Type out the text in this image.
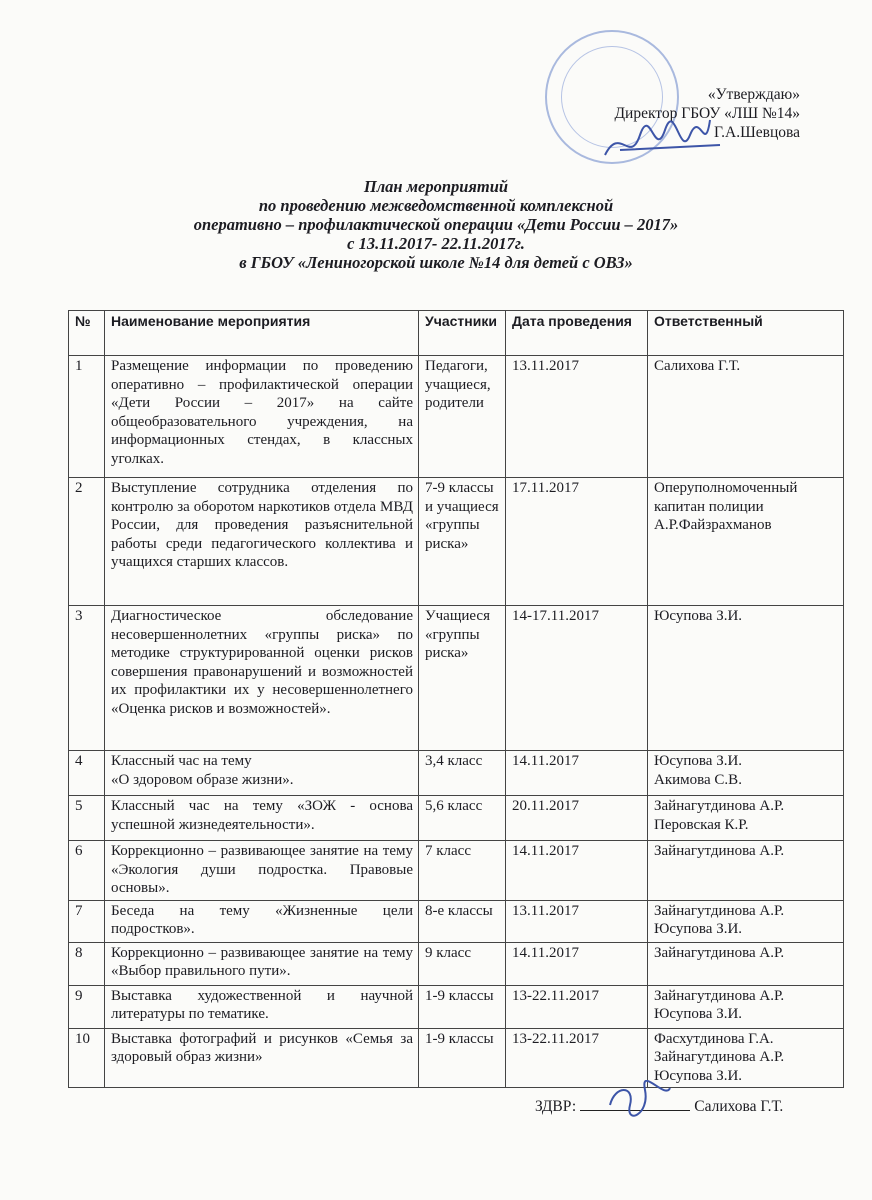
«Утверждаю»
Директор ГБОУ «ЛШ №14»
Г.А.Шевцова
План мероприятий
по проведению межведомственной комплексной
оперативно – профилактической операции «Дети России – 2017»
с 13.11.2017- 22.11.2017г.
в ГБОУ «Лениногорской школе №14 для детей с ОВЗ»
№	Наименование мероприятия	Участники	Дата проведения	Ответственный
1	Размещение информации по проведению оперативно – профилактической операции «Дети России – 2017» на сайте общеобразовательного учреждения, на информационных стендах, в классных уголках.	Педагоги, учащиеся, родители	13.11.2017	Салихова Г.Т.
2	Выступление сотрудника отделения по контролю за оборотом наркотиков отдела МВД России, для проведения разъяснительной работы среди педагогического коллектива и учащихся старших классов.	7-9 классы и учащиеся «группы риска»	17.11.2017	Оперуполномоченный капитан полиции А.Р.Файзрахманов
3	Диагностическое обследование несовершеннолетних «группы риска» по методике структурированной оценки рисков совершения правонарушений и возможностей их профилактики их у несовершеннолетнего «Оценка рисков и возможностей».	Учащиеся «группы риска»	14-17.11.2017	Юсупова З.И.
4	Классный час на тему
«О здоровом образе жизни».	3,4 класс	14.11.2017	Юсупова З.И.
Акимова С.В.
5	Классный час на тему «ЗОЖ - основа успешной жизнедеятельности».	5,6 класс	20.11.2017	Зайнагутдинова А.Р.
Перовская К.Р.
6	Коррекционно – развивающее занятие на тему «Экология души подростка. Правовые основы».	7 класс	14.11.2017	Зайнагутдинова А.Р.
7	Беседа на тему «Жизненные цели подростков».	8-е классы	13.11.2017	Зайнагутдинова А.Р.
Юсупова З.И.
8	Коррекционно – развивающее занятие на тему «Выбор правильного пути».	9 класс	14.11.2017	Зайнагутдинова А.Р.
9	Выставка художественной и научной литературы по тематике.	1-9 классы	13-22.11.2017	Зайнагутдинова А.Р.
Юсупова З.И.
10	Выставка фотографий и рисунков «Семья за здоровый образ жизни»	1-9 классы	13-22.11.2017	Фасхутдинова Г.А.
Зайнагутдинова А.Р.
Юсупова З.И.
ЗДВР:	Салихова Г.Т.
